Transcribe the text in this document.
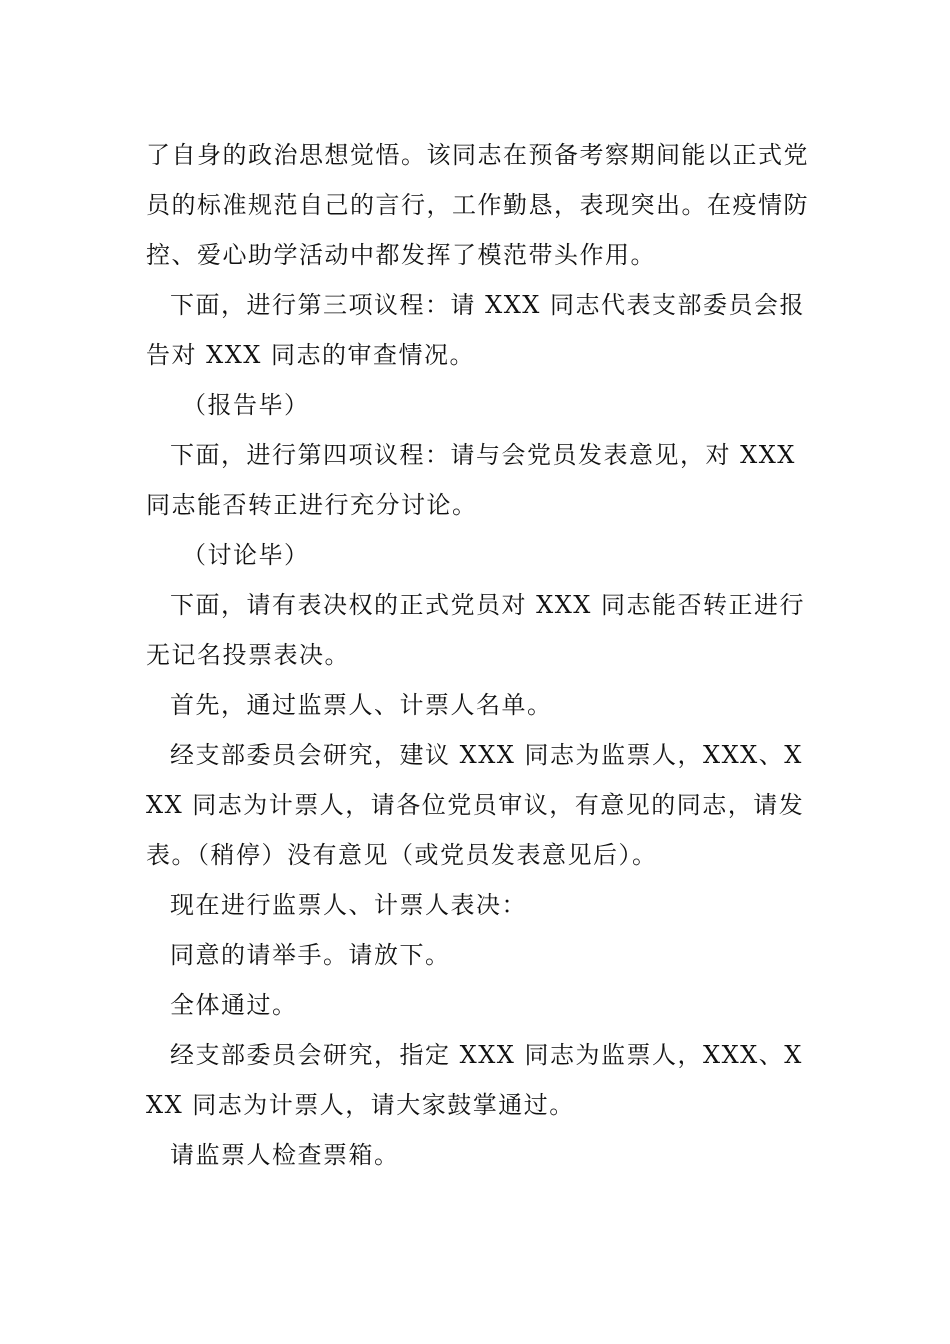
了自身的政治思想觉悟。该同志在预备考察期间能以正式党员的标准规范自己的言行，工作勤恳，表现突出。在疫情防控、爱心助学活动中都发挥了模范带头作用。

下面，进行第三项议程：请 XXX 同志代表支部委员会报告对 XXX 同志的审查情况。

（报告毕）

下面，进行第四项议程：请与会党员发表意见，对 XXX 同志能否转正进行充分讨论。

（讨论毕）

下面，请有表决权的正式党员对 XXX 同志能否转正进行无记名投票表决。

首先，通过监票人、计票人名单。

经支部委员会研究，建议 XXX 同志为监票人，XXX、XXX 同志为计票人，请各位党员审议，有意见的同志，请发表。（稍停）没有意见（或党员发表意见后）。

现在进行监票人、计票人表决：

同意的请举手。请放下。

全体通过。

经支部委员会研究，指定 XXX 同志为监票人，XXX、XXX 同志为计票人，请大家鼓掌通过。

请监票人检查票箱。
